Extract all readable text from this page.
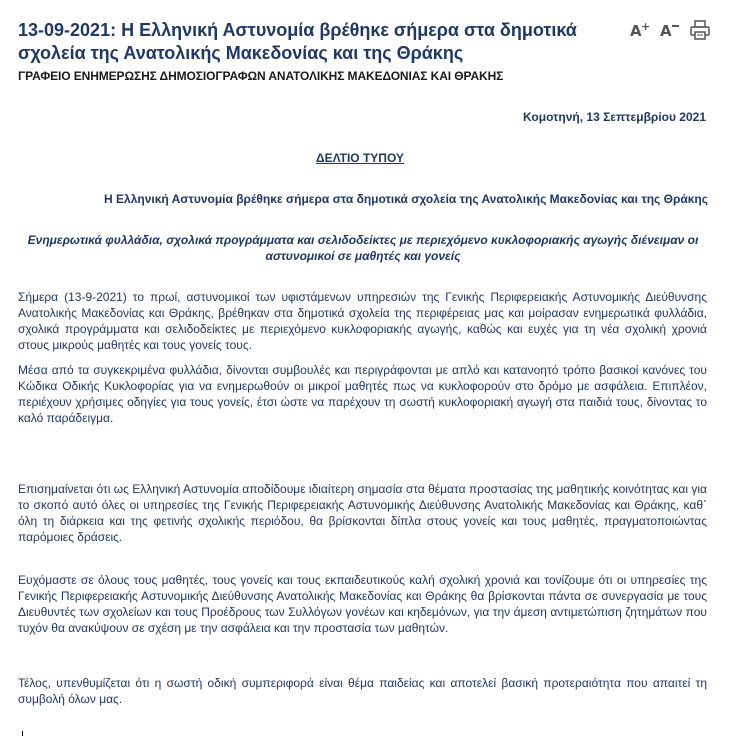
13-09-2021: Η Ελληνική Αστυνομία βρέθηκε σήμερα στα δημοτικά σχολεία της Ανατολικής Μακεδονίας και της Θράκης
A + A

ΓΡΑΦΕΙΟ ΕΝΗΜΕΡΩΣΗΣ ΔΗΜΟΣΙΟΓΡΑΦΩΝ ΑΝΑΤΟΛΙΚΗΣ ΜΑΚΕΔΟΝΙΑΣ ΚΑΙ ΘΡΑΚΗΣ

Κομοτηνή, 13 Σεπτεμβρίου 2021
ΔΕΛΤΙΟ ΤΥΠΟΥ
Η Ελληνική Αστυνομία βρέθηκε σήμερα στα δημοτικά σχολεία της Ανατολικής Μακεδονίας και της Θράκης
Ενημερωτικά φυλλάδια, σχολικά προγράμματα και σελιδοδείκτες με περιεχόμενο κυκλοφοριακής αγωγής διένειμαν οι αστυνομικοί σε μαθητές και γονείς

Σήμερα (13-9-2021) το πρωί, αστυνομικοί των υφιστάμενων υπηρεσιών της Γενικής Περιφερειακής Αστυνομικής Διεύθυνσης Ανατολικής Μακεδονίας και Θράκης, βρέθηκαν στα δημοτικά σχολεία της περιφέρειας μας και μοίρασαν ενημερωτικά φυλλάδια, σχολικά προγράμματα και σελιδοδείκτες με περιεχόμενο κυκλοφοριακής αγωγής, καθώς και ευχές για τη νέα σχολική χρονιά στους μικρούς μαθητές και τους γονείς τους.

Μέσα από τα συγκεκριμένα φυλλάδια, δίνονται συμβουλές και περιγράφονται με απλό και κατανοητό τρόπο βασικοί κανόνες του Κώδικα Οδικής Κυκλοφορίας για να ενημερωθούν οι μικροί μαθητές πως να κυκλοφορούν στο δρόμο με ασφάλεια. Επιπλέον, περιέχουν χρήσιμες οδηγίες για τους γονείς, έτσι ώστε να παρέχουν τη σωστή κυκλοφοριακή αγωγή στα παιδιά τους, δίνοντας το καλό παράδειγμα.

Επισημαίνεται ότι ως Ελληνική Αστυνομία αποδίδουμε ιδιαίτερη σημασία στα θέματα προστασίας της μαθητικής κοινότητας και για το σκοπό αυτό όλες οι υπηρεσίες της Γενικής Περιφερειακής Αστυνομικής Διεύθυνσης Ανατολικής Μακεδονίας και Θράκης, καθ΄ όλη τη διάρκεια και της φετινής σχολικής περιόδου, θα βρίσκονται δίπλα στους γονείς και τους μαθητές, πραγματοποιώντας παρόμοιες δράσεις.

Ευχόμαστε σε όλους τους μαθητές, τους γονείς και τους εκπαιδευτικούς καλή σχολική χρονιά και τονίζουμε ότι οι υπηρεσίες της Γενικής Περιφερειακής Αστυνομικής Διεύθυνσης Ανατολικής Μακεδονίας και Θράκης θα βρίσκονται πάντα σε συνεργασία με τους Διευθυντές των σχολείων και τους Προέδρους των Συλλόγων γονέων και κηδεμόνων, για την άμεση αντιμετώπιση ζητημάτων που τυχόν θα ανακύψουν σε σχέση με την ασφάλεια και την προστασία των μαθητών.

Τέλος, υπενθυμίζεται ότι η σωστή οδική συμπεριφορά είναι θέμα παιδείας και αποτελεί βασική προτεραιότητα που απαιτεί τη συμβολή όλων μας.
